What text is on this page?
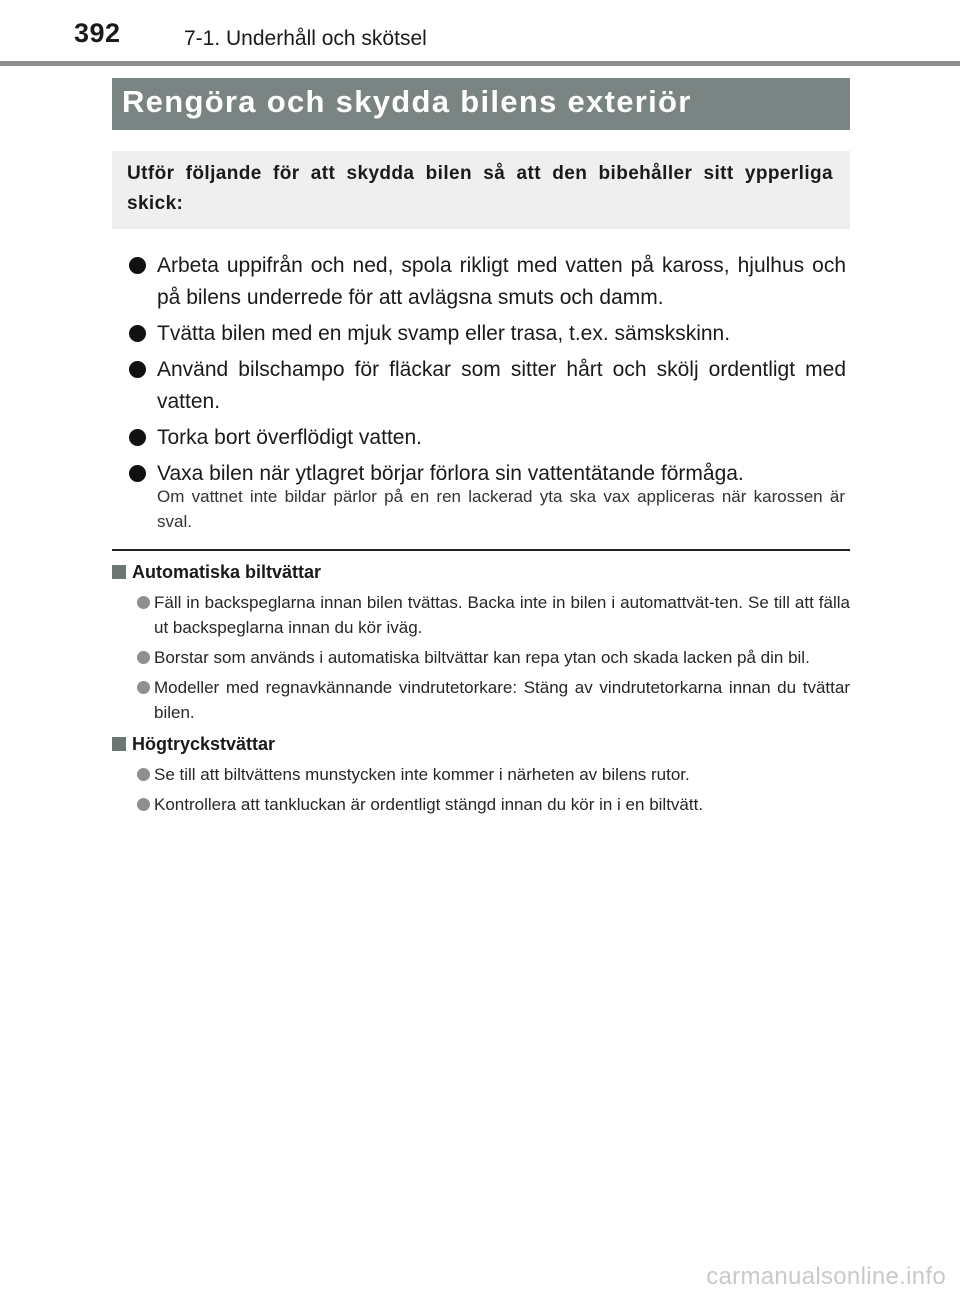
392	7-1. Underhåll och skötsel
Rengöra och skydda bilens exteriör
Utför följande för att skydda bilen så att den bibehåller sitt ypperliga skick:
Arbeta uppifrån och ned, spola rikligt med vatten på kaross, hjulhus och på bilens underrede för att avlägsna smuts och damm.
Tvätta bilen med en mjuk svamp eller trasa, t.ex. sämskskinn.
Använd bilschampo för fläckar som sitter hårt och skölj ordentligt med vatten.
Torka bort överflödigt vatten.
Vaxa bilen när ytlagret börjar förlora sin vattentätande förmåga.
Om vattnet inte bildar pärlor på en ren lackerad yta ska vax appliceras när karossen är sval.
Automatiska biltvättar
Fäll in backspeglarna innan bilen tvättas. Backa inte in bilen i automattvät-ten. Se till att fälla ut backspeglarna innan du kör iväg.
Borstar som används i automatiska biltvättar kan repa ytan och skada lacken på din bil.
Modeller med regnavkännande vindrutetorkare: Stäng av vindrutetorkarna innan du tvättar bilen.
Högtryckstvättar
Se till att biltvättens munstycken inte kommer i närheten av bilens rutor.
Kontrollera att tankluckan är ordentligt stängd innan du kör in i en biltvätt.
carmanualsonline.info
